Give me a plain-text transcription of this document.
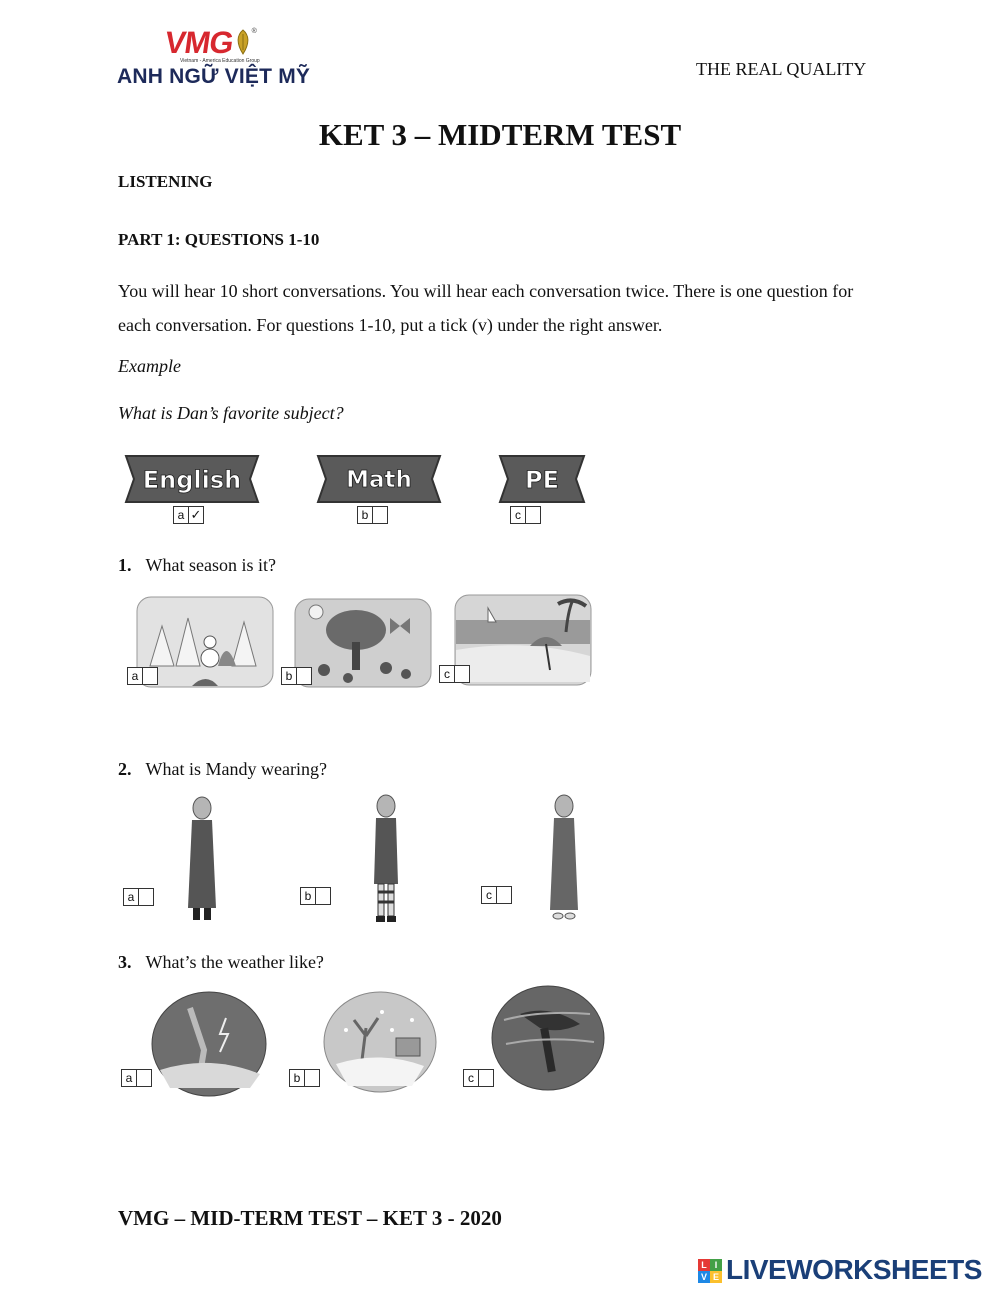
VMG ®
Vietnam - America Education Group
ANH NGỮ VIỆT MỸ	THE REAL QUALITY
KET 3 – MIDTERM TEST
LISTENING
PART 1: QUESTIONS 1-10
You will hear 10 short conversations. You will hear each conversation twice. There is one question for each conversation. For questions 1-10, put a tick (v) under the right answer.
Example
What is Dan’s favorite subject?
English	Math	PE
a ✓	b	c
1. What season is it?
a	b	c
2. What is Mandy wearing?
a	b	c
3. What’s the weather like?
a	b	c
VMG – MID-TERM TEST – KET 3 - 2020
L I
V E LIVEWORKSHEETS
